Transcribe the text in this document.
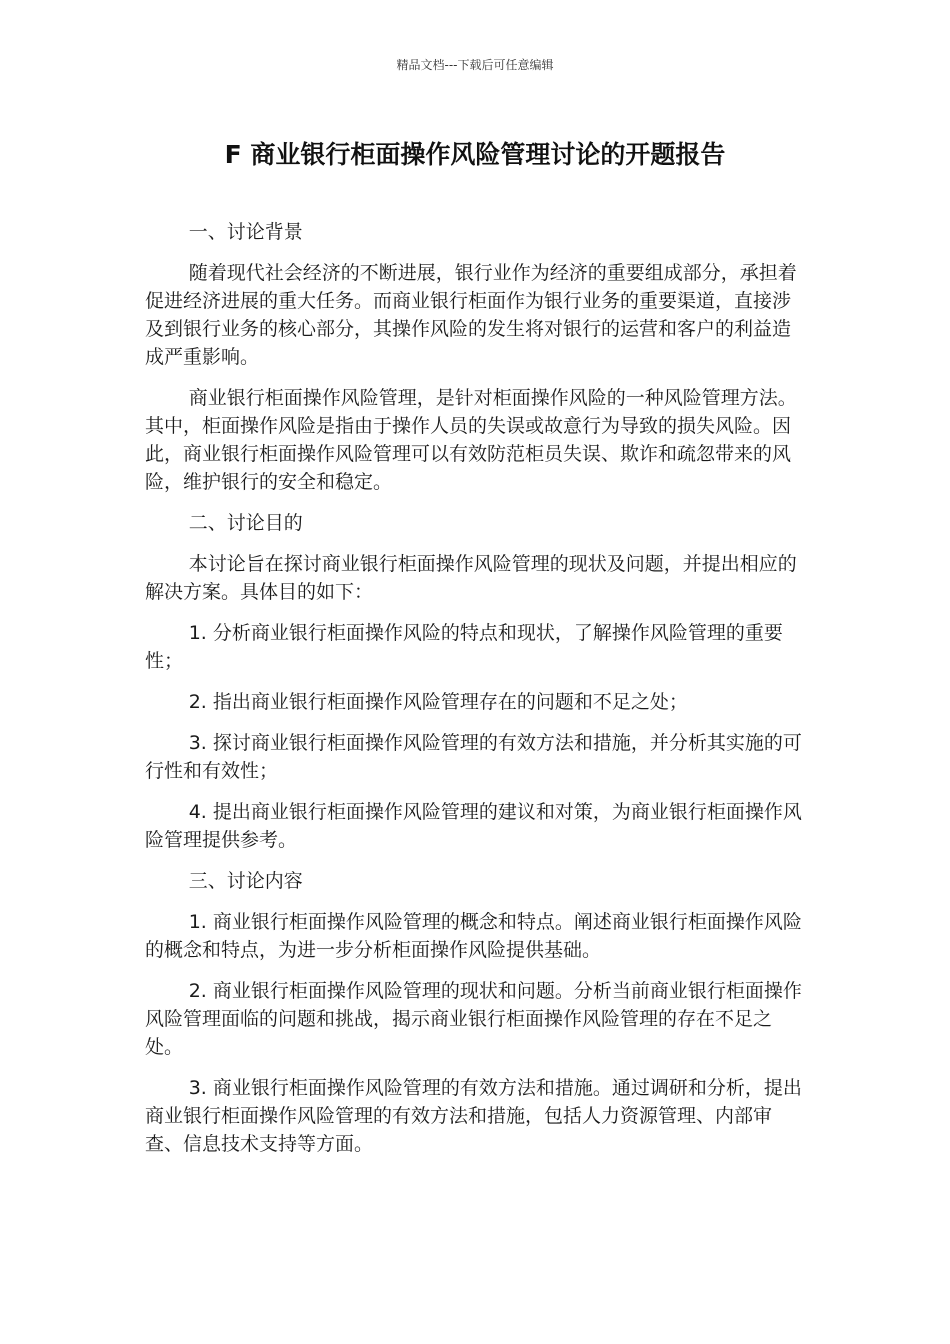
精品文档---下载后可任意编辑
F 商业银行柜面操作风险管理讨论的开题报告

一、讨论背景

随着现代社会经济的不断进展，银行业作为经济的重要组成部分，承担着促进经济进展的重大任务。而商业银行柜面作为银行业务的重要渠道，直接涉及到银行业务的核心部分，其操作风险的发生将对银行的运营和客户的利益造成严重影响。

商业银行柜面操作风险管理，是针对柜面操作风险的一种风险管理方法。其中，柜面操作风险是指由于操作人员的失误或故意行为导致的损失风险。因此，商业银行柜面操作风险管理可以有效防范柜员失误、欺诈和疏忽带来的风险，维护银行的安全和稳定。

二、讨论目的

本讨论旨在探讨商业银行柜面操作风险管理的现状及问题，并提出相应的解决方案。具体目的如下：

1. 分析商业银行柜面操作风险的特点和现状，了解操作风险管理的重要性；

2. 指出商业银行柜面操作风险管理存在的问题和不足之处；

3. 探讨商业银行柜面操作风险管理的有效方法和措施，并分析其实施的可行性和有效性；

4. 提出商业银行柜面操作风险管理的建议和对策，为商业银行柜面操作风险管理提供参考。

三、讨论内容

1. 商业银行柜面操作风险管理的概念和特点。阐述商业银行柜面操作风险的概念和特点，为进一步分析柜面操作风险提供基础。

2. 商业银行柜面操作风险管理的现状和问题。分析当前商业银行柜面操作风险管理面临的问题和挑战，揭示商业银行柜面操作风险管理的存在不足之处。

3. 商业银行柜面操作风险管理的有效方法和措施。通过调研和分析，提出商业银行柜面操作风险管理的有效方法和措施，包括人力资源管理、内部审查、信息技术支持等方面。
